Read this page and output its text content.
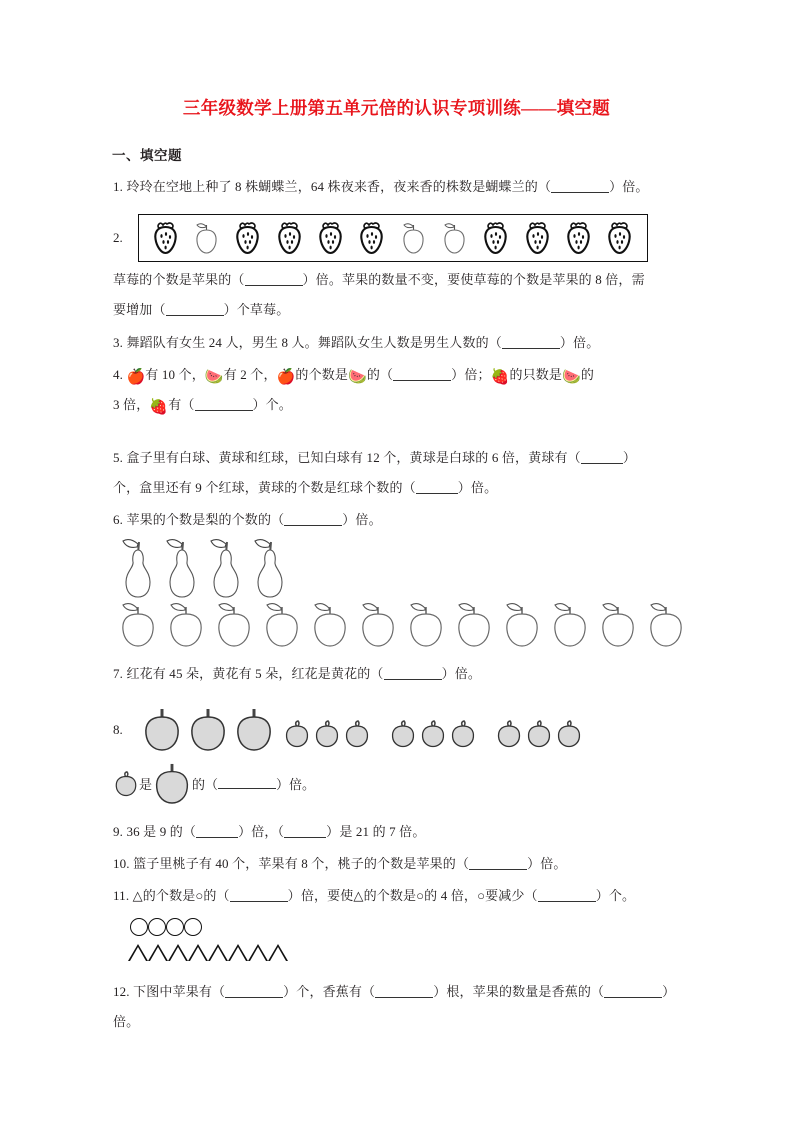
三年级数学上册第五单元倍的认识专项训练——填空题
一、填空题
1. 玲玲在空地上种了 8 株蝴蝶兰，64 株夜来香，夜来香的株数是蝴蝶兰的（	）倍。
2.
草莓的个数是苹果的（	）倍。苹果的数量不变，要使草莓的个数是苹果的 8 倍，需
要增加（	）个草莓。
3. 舞蹈队有女生 24 人，男生 8 人。舞蹈队女生人数是男生人数的（	）倍。
4. 🍎有 10 个，🍉有 2 个，🍎的个数是🍉的（	）倍；🍓的只数是🍉的
3 倍，🍓有（	）个。
5. 盒子里有白球、黄球和红球，已知白球有 12 个，黄球是白球的 6 倍，黄球有（	）
个，盒里还有 9 个红球，黄球的个数是红球个数的（	）倍。
6. 苹果的个数是梨的个数的（	）倍。
7. 红花有 45 朵，黄花有 5 朵，红花是黄花的（	）倍。
8.
是	的（	）倍。
9. 36 是 9 的（	）倍，（	）是 21 的 7 倍。
10. 篮子里桃子有 40 个，苹果有 8 个，桃子的个数是苹果的（	）倍。
11. △的个数是○的（	）倍，要使△的个数是○的 4 倍，○要减少（	）个。
12. 下图中苹果有（	）个，香蕉有（	）根，苹果的数量是香蕉的（	）
倍。
